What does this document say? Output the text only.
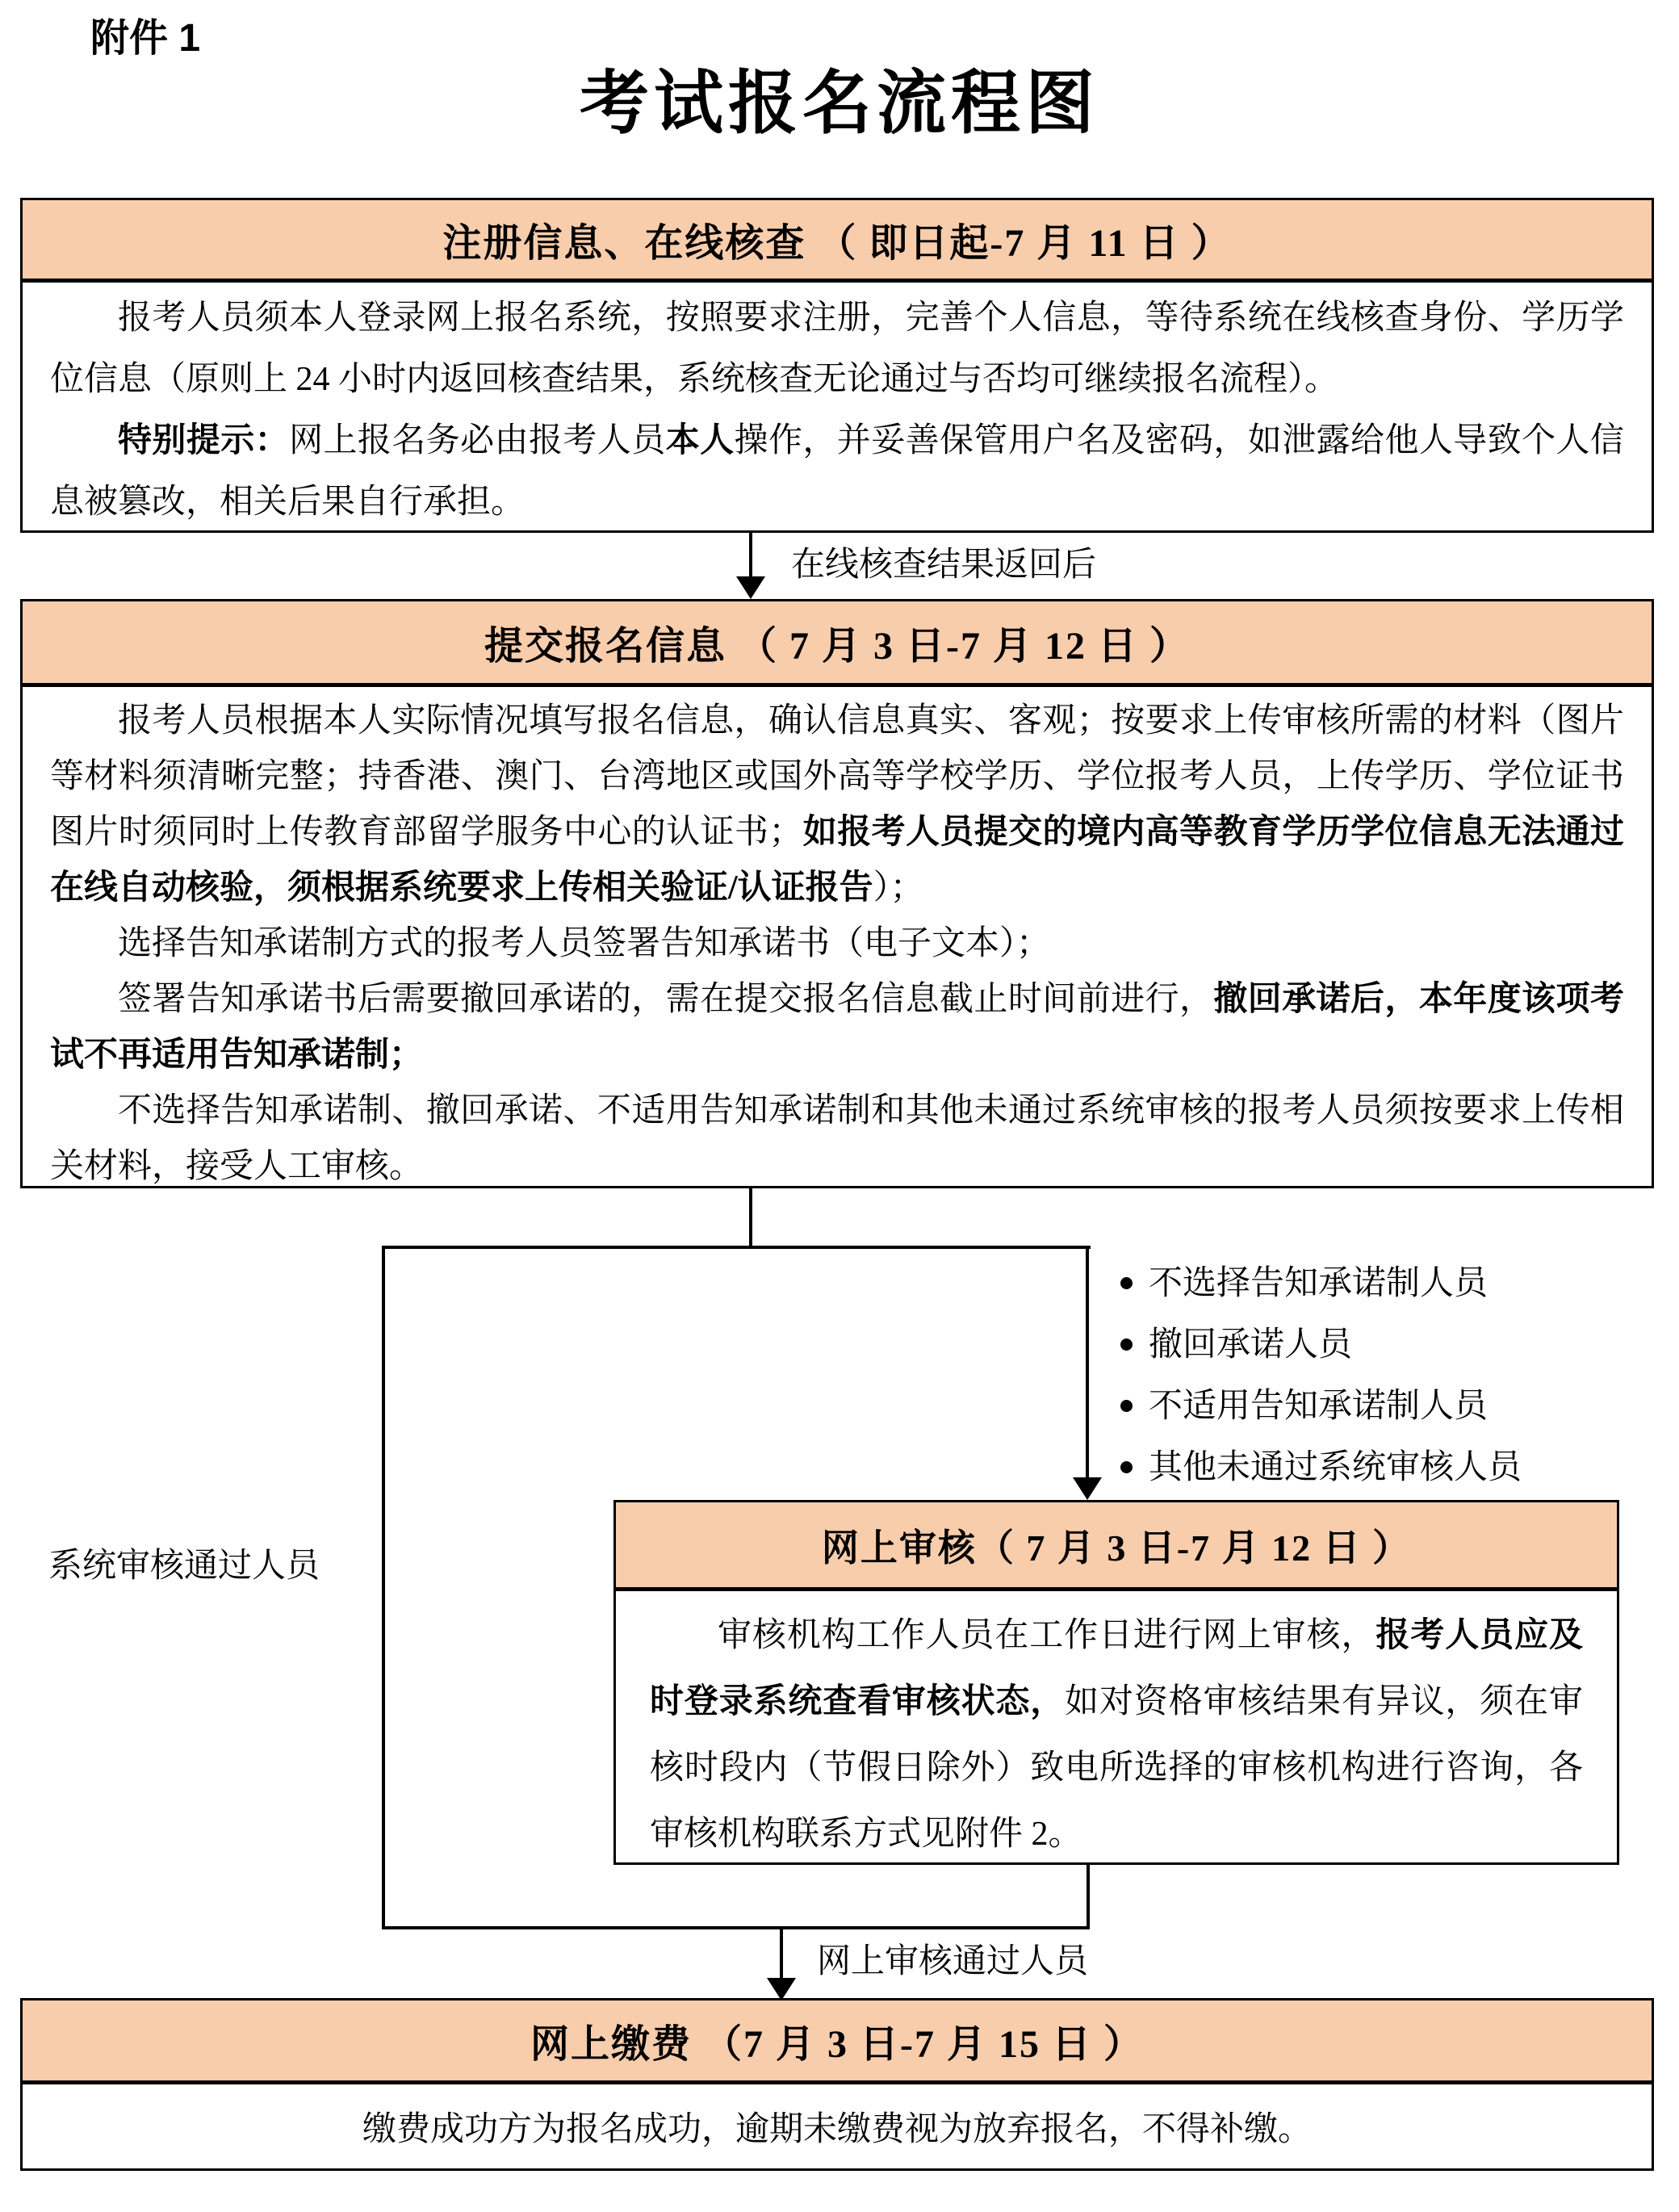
附件 1
考试报名流程图
注册信息、在线核查 （ 即日起-7 月 11 日 ）

报考人员须本人登录网上报名系统，按照要求注册，完善个人信息，等待系统在线核查身份、学历学位信息（原则上 24 小时内返回核查结果，系统核查无论通过与否均可继续报名流程）。

特别提示：网上报名务必由报考人员本人操作，并妥善保管用户名及密码，如泄露给他人导致个人信息被篡改，相关后果自行承担。

在线核查结果返回后
提交报名信息 （ 7 月 3 日-7 月 12 日 ）

报考人员根据本人实际情况填写报名信息，确认信息真实、客观；按要求上传审核所需的材料（图片等材料须清晰完整；持香港、澳门、台湾地区或国外高等学校学历、学位报考人员，上传学历、学位证书图片时须同时上传教育部留学服务中心的认证书；如报考人员提交的境内高等教育学历学位信息无法通过在线自动核验，须根据系统要求上传相关验证/认证报告）；

选择告知承诺制方式的报考人员签署告知承诺书（电子文本）；

签署告知承诺书后需要撤回承诺的，需在提交报名信息截止时间前进行，撤回承诺后，本年度该项考试不再适用告知承诺制；

不选择告知承诺制、撤回承诺、不适用告知承诺制和其他未通过系统审核的报考人员须按要求上传相关材料，接受人工审核。

系统审核通过人员
不选择告知承诺制人员
撤回承诺人员
不适用告知承诺制人员
其他未通过系统审核人员
网上审核（ 7 月 3 日-7 月 12 日 ）

审核机构工作人员在工作日进行网上审核，报考人员应及时登录系统查看审核状态，如对资格审核结果有异议，须在审核时段内（节假日除外）致电所选择的审核机构进行咨询，各审核机构联系方式见附件 2。

网上审核通过人员
网上缴费 （7 月 3 日-7 月 15 日 ）
缴费成功方为报名成功，逾期未缴费视为放弃报名，不得补缴。
